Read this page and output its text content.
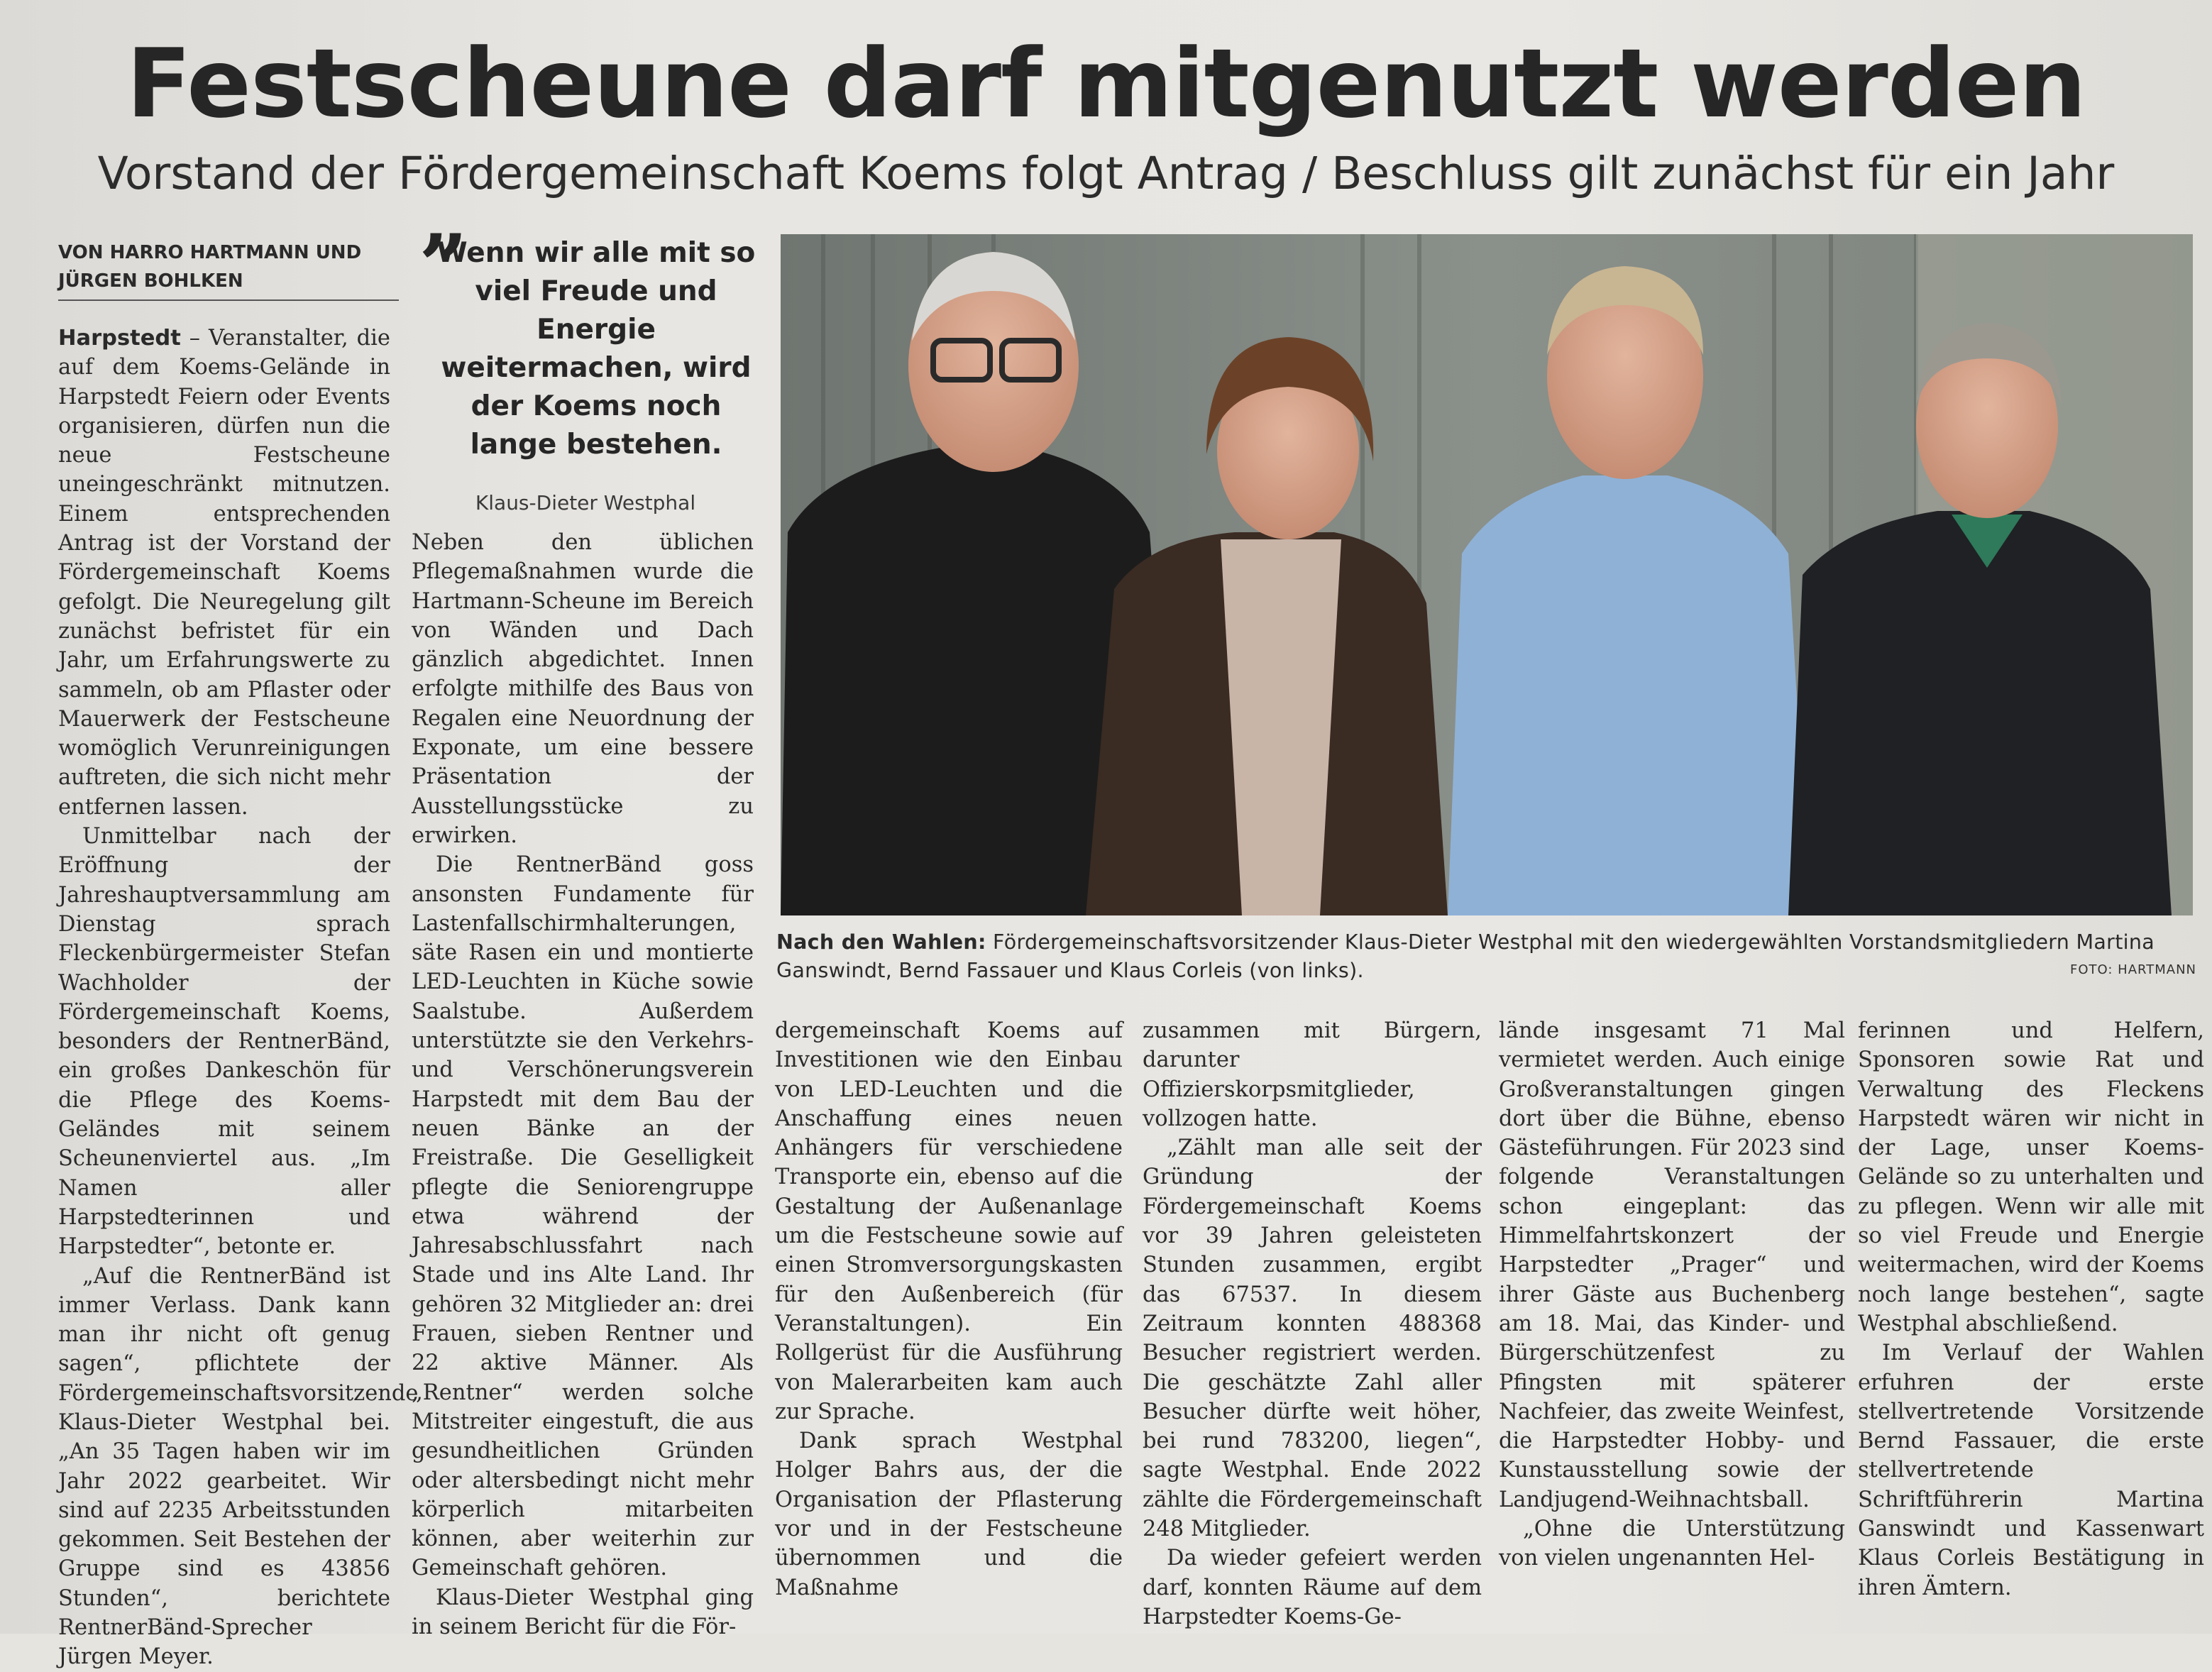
Festscheune darf mitgenutzt werden
Vorstand der Fördergemeinschaft Koems folgt Antrag / Beschluss gilt zunächst für ein Jahr
VON HARRO HARTMANN UND JÜRGEN BOHLKEN

Harpstedt – Veranstalter, die auf dem Koems-Gelände in Harpstedt Feiern oder Events organisieren, dürfen nun die neue Festscheune uneingeschränkt mitnutzen. Einem entsprechenden Antrag ist der Vorstand der Fördergemeinschaft Koems gefolgt. Die Neuregelung gilt zunächst befristet für ein Jahr, um Erfahrungswerte zu sammeln, ob am Pflaster oder Mauerwerk der Festscheune womöglich Verunreinigungen auftreten, die sich nicht mehr entfernen lassen.

Unmittelbar nach der Eröffnung der Jahreshauptversammlung am Dienstag sprach Fleckenbürgermeister Stefan Wachholder der Fördergemeinschaft Koems, besonders der RentnerBänd, ein großes Dankeschön für die Pflege des Koems-Geländes mit seinem Scheunenviertel aus. „Im Namen aller Harpstedterinnen und Harpstedter“, betonte er.

„Auf die RentnerBänd ist immer Verlass. Dank kann man ihr nicht oft genug sagen“, pflichtete der Fördergemeinschaftsvorsitzende Klaus-Dieter Westphal bei. „An 35 Tagen haben wir im Jahr 2022 gearbeitet. Wir sind auf 2235 Arbeitsstunden gekommen. Seit Bestehen der Gruppe sind es 43856 Stunden“, berichtete RentnerBänd-Sprecher Jürgen Meyer.

”
Wenn wir alle mit so viel Freude und Energie weitermachen, wird der Koems noch lange bestehen.
Klaus-Dieter Westphal

Neben den üblichen Pflegemaßnahmen wurde die Hartmann-Scheune im Bereich von Wänden und Dach gänzlich abgedichtet. Innen erfolgte mithilfe des Baus von Regalen eine Neuordnung der Exponate, um eine bessere Präsentation der Ausstellungsstücke zu erwirken.

Die RentnerBänd goss ansonsten Fundamente für Lastenfallschirmhalterungen, säte Rasen ein und montierte LED-Leuchten in Küche sowie Saalstube. Außerdem unterstützte sie den Verkehrs- und Verschönerungsverein Harpstedt mit dem Bau der neuen Bänke an der Freistraße. Die Geselligkeit pflegte die Seniorengruppe etwa während der Jahresabschlussfahrt nach Stade und ins Alte Land. Ihr gehören 32 Mitglieder an: drei Frauen, sieben Rentner und 22 aktive Männer. Als „Rentner“ werden solche Mitstreiter eingestuft, die aus gesundheitlichen Gründen oder altersbedingt nicht mehr körperlich mitarbeiten können, aber weiterhin zur Gemeinschaft gehören.

Klaus-Dieter Westphal ging in seinem Bericht für die För-

Nach den Wahlen: Fördergemeinschaftsvorsitzender Klaus-Dieter Westphal mit den wiedergewählten Vorstandsmitgliedern Martina Ganswindt, Bernd Fassauer und Klaus Corleis (von links).	FOTO: HARTMANN

dergemeinschaft Koems auf Investitionen wie den Einbau von LED-Leuchten und die Anschaffung eines neuen Anhängers für verschiedene Transporte ein, ebenso auf die Gestaltung der Außenanlage um die Festscheune sowie auf einen Stromversorgungskasten für den Außenbereich (für Veranstaltungen). Ein Rollgerüst für die Ausführung von Malerarbeiten kam auch zur Sprache.

Dank sprach Westphal Holger Bahrs aus, der die Organisation der Pflasterung vor und in der Festscheune übernommen und die Maßnahme

zusammen mit Bürgern, darunter Offizierskorpsmitglieder, vollzogen hatte.

„Zählt man alle seit der Gründung der Fördergemeinschaft Koems vor 39 Jahren geleisteten Stunden zusammen, ergibt das 67537. In diesem Zeitraum konnten 488368 Besucher registriert werden. Die geschätzte Zahl aller Besucher dürfte weit höher, bei rund 783200, liegen“, sagte Westphal. Ende 2022 zählte die Fördergemeinschaft 248 Mitglieder.

Da wieder gefeiert werden darf, konnten Räume auf dem Harpstedter Koems-Ge-

lände insgesamt 71 Mal vermietet werden. Auch einige Großveranstaltungen gingen dort über die Bühne, ebenso Gästeführungen. Für 2023 sind folgende Veranstaltungen schon eingeplant: das Himmelfahrtskonzert der Harpstedter „Prager“ und ihrer Gäste aus Buchenberg am 18. Mai, das Kinder- und Bürgerschützenfest zu Pfingsten mit späterer Nachfeier, das zweite Weinfest, die Harpstedter Hobby- und Kunstausstellung sowie der Landjugend-Weihnachtsball.

„Ohne die Unterstützung von vielen ungenannten Hel-

ferinnen und Helfern, Sponsoren sowie Rat und Verwaltung des Fleckens Harpstedt wären wir nicht in der Lage, unser Koems-Gelände so zu unterhalten und zu pflegen. Wenn wir alle mit so viel Freude und Energie weitermachen, wird der Koems noch lange bestehen“, sagte Westphal abschließend.

Im Verlauf der Wahlen erfuhren der erste stellvertretende Vorsitzende Bernd Fassauer, die erste stellvertretende Schriftführerin Martina Ganswindt und Kassenwart Klaus Corleis Bestätigung in ihren Ämtern.
